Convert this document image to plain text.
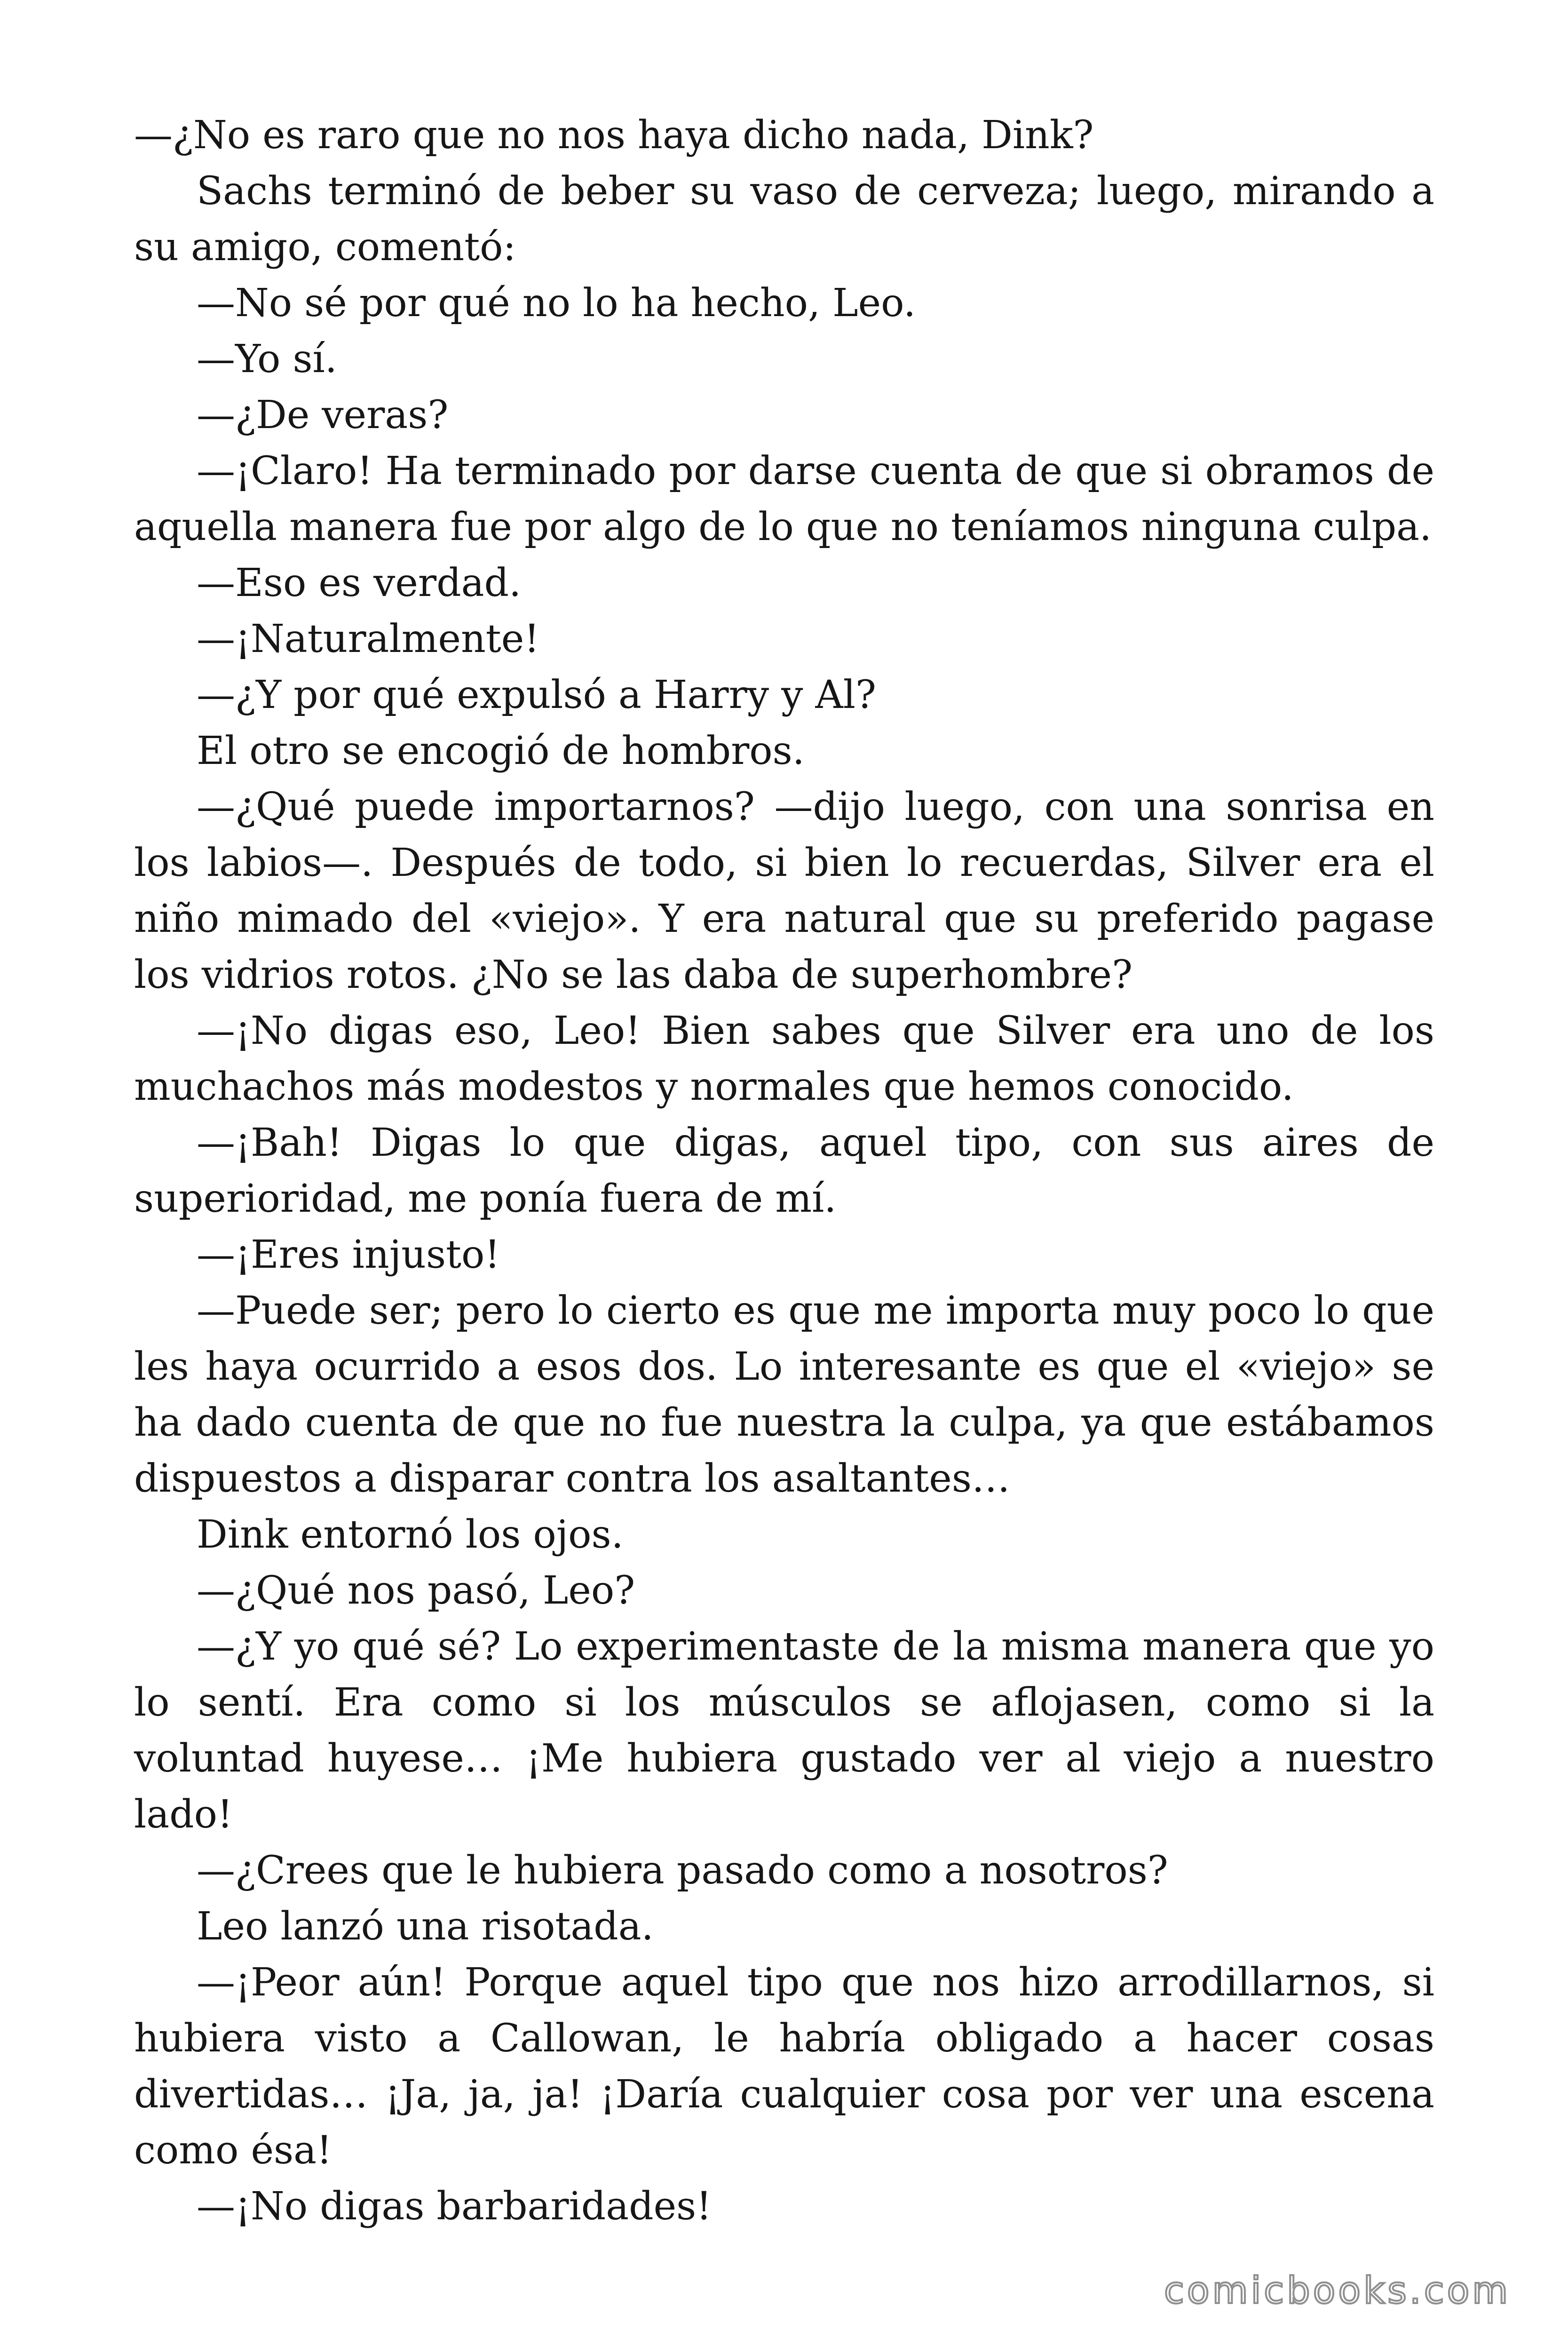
—¿No es raro que no nos haya dicho nada, Dink?

Sachs terminó de beber su vaso de cerveza; luego, mirando a su amigo, comentó:

—No sé por qué no lo ha hecho, Leo.

—Yo sí.

—¿De veras?

—¡Claro! Ha terminado por darse cuenta de que si obramos de aquella manera fue por algo de lo que no teníamos ninguna culpa.

—Eso es verdad.

—¡Naturalmente!

—¿Y por qué expulsó a Harry y Al?

El otro se encogió de hombros.

—¿Qué puede importarnos? —dijo luego, con una sonrisa en los labios—. Después de todo, si bien lo recuerdas, Silver era el niño mimado del «viejo». Y era natural que su preferido pagase los vidrios rotos. ¿No se las daba de superhombre?

—¡No digas eso, Leo! Bien sabes que Silver era uno de los muchachos más modestos y normales que hemos conocido.

—¡Bah! Digas lo que digas, aquel tipo, con sus aires de superioridad, me ponía fuera de mí.

—¡Eres injusto!

—Puede ser; pero lo cierto es que me importa muy poco lo que les haya ocurrido a esos dos. Lo interesante es que el «viejo» se ha dado cuenta de que no fue nuestra la culpa, ya que estábamos dispuestos a disparar contra los asaltantes…

Dink entornó los ojos.

—¿Qué nos pasó, Leo?

—¿Y yo qué sé? Lo experimentaste de la misma manera que yo lo sentí. Era como si los músculos se aflojasen, como si la voluntad huyese… ¡Me hubiera gustado ver al viejo a nuestro lado!

—¿Crees que le hubiera pasado como a nosotros?

Leo lanzó una risotada.

—¡Peor aún! Porque aquel tipo que nos hizo arrodillarnos, si hubiera visto a Callowan, le habría obligado a hacer cosas divertidas… ¡Ja, ja, ja! ¡Daría cualquier cosa por ver una escena como ésa!

—¡No digas barbaridades!

comicbooks.com
